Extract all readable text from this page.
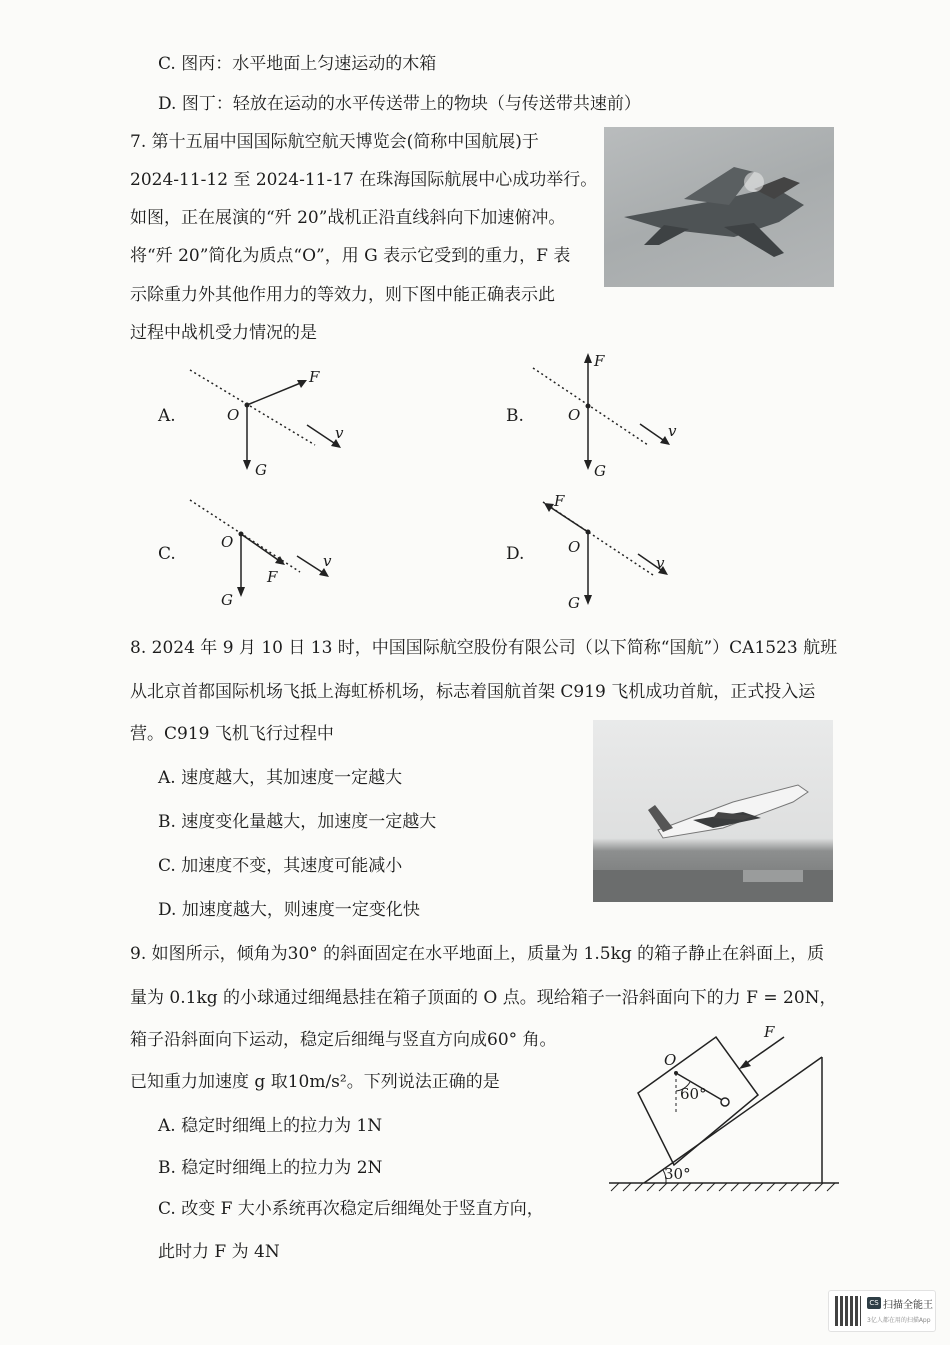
C. 图丙：水平地面上匀速运动的木箱
D. 图丁：轻放在运动的水平传送带上的物块（与传送带共速前）
7. 第十五届中国国际航空航天博览会(简称中国航展)于
2024-11-12 至 2024-11-17 在珠海国际航展中心成功举行。
如图，正在展演的“歼 20”战机正沿直线斜向下加速俯冲。
将“歼 20”简化为质点“O”，用 G 表示它受到的重力，F 表
示除重力外其他作用力的等效力，则下图中能正确表示此
过程中战机受力情况的是
A.
F
O
G
v
B.
F
O
G
v
C.
F
O
G
v	D.
F
O
G
v
8. 2024 年 9 月 10 日 13 时，中国国际航空股份有限公司（以下简称“国航”）CA1523 航班
从北京首都国际机场飞抵上海虹桥机场，标志着国航首架 C919 飞机成功首航，正式投入运
营。C919 飞机飞行过程中
A. 速度越大，其加速度一定越大
B. 速度变化量越大，加速度一定越大
C. 加速度不变，其速度可能减小
D. 加速度越大，则速度一定变化快
9. 如图所示，倾角为30° 的斜面固定在水平地面上，质量为 1.5kg 的箱子静止在斜面上，质
量为 0.1kg 的小球通过细绳悬挂在箱子顶面的 O 点。现给箱子一沿斜面向下的力 F = 20N，
箱子沿斜面向下运动，稳定后细绳与竖直方向成60° 角。
已知重力加速度 g 取10m/s²。下列说法正确的是
A. 稳定时细绳上的拉力为 1N
B. 稳定时细绳上的拉力为 2N
C. 改变 F 大小系统再次稳定后细绳处于竖直方向，
此时力 F 为 4N
F
O
60°
30°
CS 扫描全能王
3亿人都在用的扫描App
